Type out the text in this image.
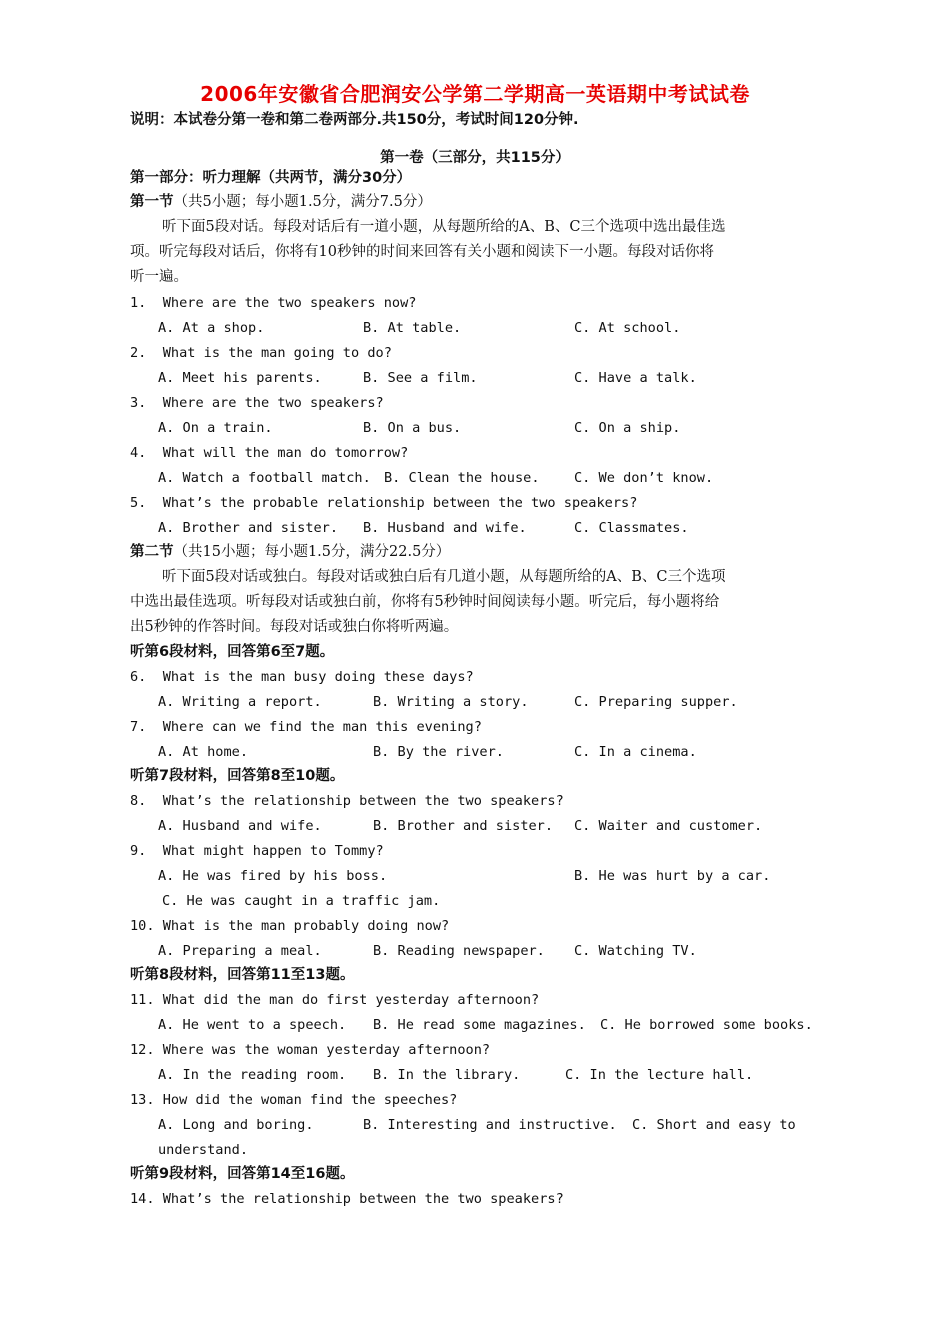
2006年安徽省合肥润安公学第二学期高一英语期中考试试卷
说明：本试卷分第一卷和第二卷两部分.共150分，考试时间120分钟.
第一卷（三部分，共115分）
第一部分：听力理解（共两节，满分30分）
第一节（共5小题；每小题1.5分，满分7.5分）
听下面5段对话。每段对话后有一道小题，从每题所给的A、B、C三个选项中选出最佳选
项。听完每段对话后，你将有10秒钟的时间来回答有关小题和阅读下一小题。每段对话你将
听一遍。
1.  Where are the two speakers now?
A. At a shop.	B. At table.	C. At school.
2.  What is the man going to do?
A. Meet his parents.	B. See a film.	C. Have a talk.
3.  Where are the two speakers?
A. On a train.	B. On a bus.	C. On a ship.
4.  What will the man do tomorrow?
A. Watch a football match. B. Clean the house.	C. We don’t know.
5.  What’s the probable relationship between the two speakers?
A. Brother and sister. B. Husband and wife.	C. Classmates.
第二节（共15小题；每小题1.5分，满分22.5分）
听下面5段对话或独白。每段对话或独白后有几道小题，从每题所给的A、B、C三个选项
中选出最佳选项。听每段对话或独白前，你将有5秒钟时间阅读每小题。听完后，每小题将给
出5秒钟的作答时间。每段对话或独白你将听两遍。
听第6段材料，回答第6至7题。
6.  What is the man busy doing these days?
A. Writing a report.	B. Writing a story.	C. Preparing supper.
7.  Where can we find the man this evening?
A. At home.	B. By the river.	C. In a cinema.
听第7段材料，回答第8至10题。
8.  What’s the relationship between the two speakers?
A. Husband and wife.	B. Brother and sister. C. Waiter and customer.
9.  What might happen to Tommy?
A. He was fired by his boss.	B. He was hurt by a car.
C. He was caught in a traffic jam.
10. What is the man probably doing now?
A. Preparing a meal.	B. Reading newspaper. C. Watching TV.
听第8段材料，回答第11至13题。
11. What did the man do first yesterday afternoon?
A. He went to a speech. B. He read some magazines. C. He borrowed some books.
12. Where was the woman yesterday afternoon?
A. In the reading room. B. In the library.	C. In the lecture hall.
13. How did the woman find the speeches?
A. Long and boring.	B. Interesting and instructive. C. Short and easy to
understand.
听第9段材料，回答第14至16题。
14. What’s the relationship between the two speakers?
